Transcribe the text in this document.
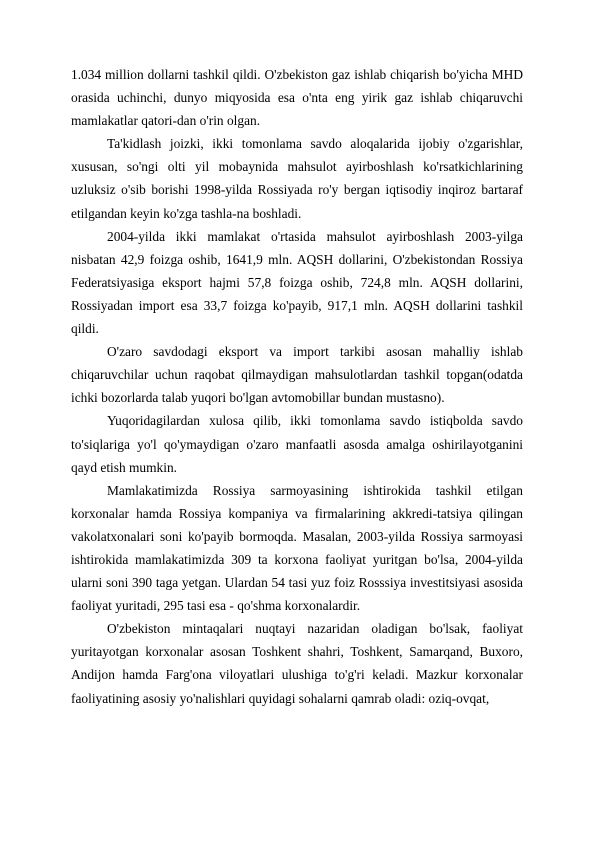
1.034 million dollarni tashkil qildi. O'zbekiston gaz ishlab chiqarish bo'yicha MHD orasida uchinchi, dunyo miqyosida esa o'nta eng yirik gaz ishlab chiqaruvchi mamlakatlar qatori-dan o'rin olgan.

Ta'kidlash joizki, ikki tomonlama savdo aloqalarida ijobiy o'zgarishlar, xususan, so'ngi olti yil mobaynida mahsulot ayirboshlash ko'rsatkichlarining uzluksiz o'sib borishi 1998-yilda Rossiyada ro'y bergan iqtisodiy inqiroz bartaraf etilgandan keyin ko'zga tashla-na boshladi.

2004-yilda ikki mamlakat o'rtasida mahsulot ayirboshlash 2003-yilga nisbatan 42,9 foizga oshib, 1641,9 mln. AQSH dollarini, O'zbekistondan Rossiya Federatsiyasiga eksport hajmi 57,8 foizga oshib, 724,8 mln. AQSH dollarini, Rossiyadan import esa 33,7 foizga ko'payib, 917,1 mln. AQSH dollarini tashkil qildi.

O'zaro savdodagi eksport va import tarkibi asosan mahalliy ishlab chiqaruvchilar uchun raqobat qilmaydigan mahsulotlardan tashkil topgan(odatda ichki bozorlarda talab yuqori bo'lgan avtomobillar bundan mustasno).

Yuqoridagilardan xulosa qilib, ikki tomonlama savdo istiqbolda savdo to'siqlariga yo'l qo'ymaydigan o'zaro manfaatli asosda amalga oshirilayotganini qayd etish mumkin.

Mamlakatimizda Rossiya sarmoyasining ishtirokida tashkil etilgan korxonalar hamda Rossiya kompaniya va firmalarining akkredi-tatsiya qilingan vakolatxonalari soni ko'payib bormoqda. Masalan, 2003-yilda Rossiya sarmoyasi ishtirokida mamlakatimizda 309 ta korxona faoliyat yuritgan bo'lsa, 2004-yilda ularni soni 390 taga yetgan. Ulardan 54 tasi yuz foiz Rosssiya investitsiyasi asosida faoliyat yuritadi, 295 tasi esa - qo'shma korxonalardir.

O'zbekiston mintaqalari nuqtayi nazaridan oladigan bo'lsak, faoliyat yuritayotgan korxonalar asosan Toshkent shahri, Toshkent, Samarqand, Buxoro, Andijon hamda Farg'ona viloyatlari ulushiga to'g'ri keladi. Mazkur korxonalar faoliyatining asosiy yo'nalishlari quyidagi sohalarni qamrab oladi: oziq-ovqat,
